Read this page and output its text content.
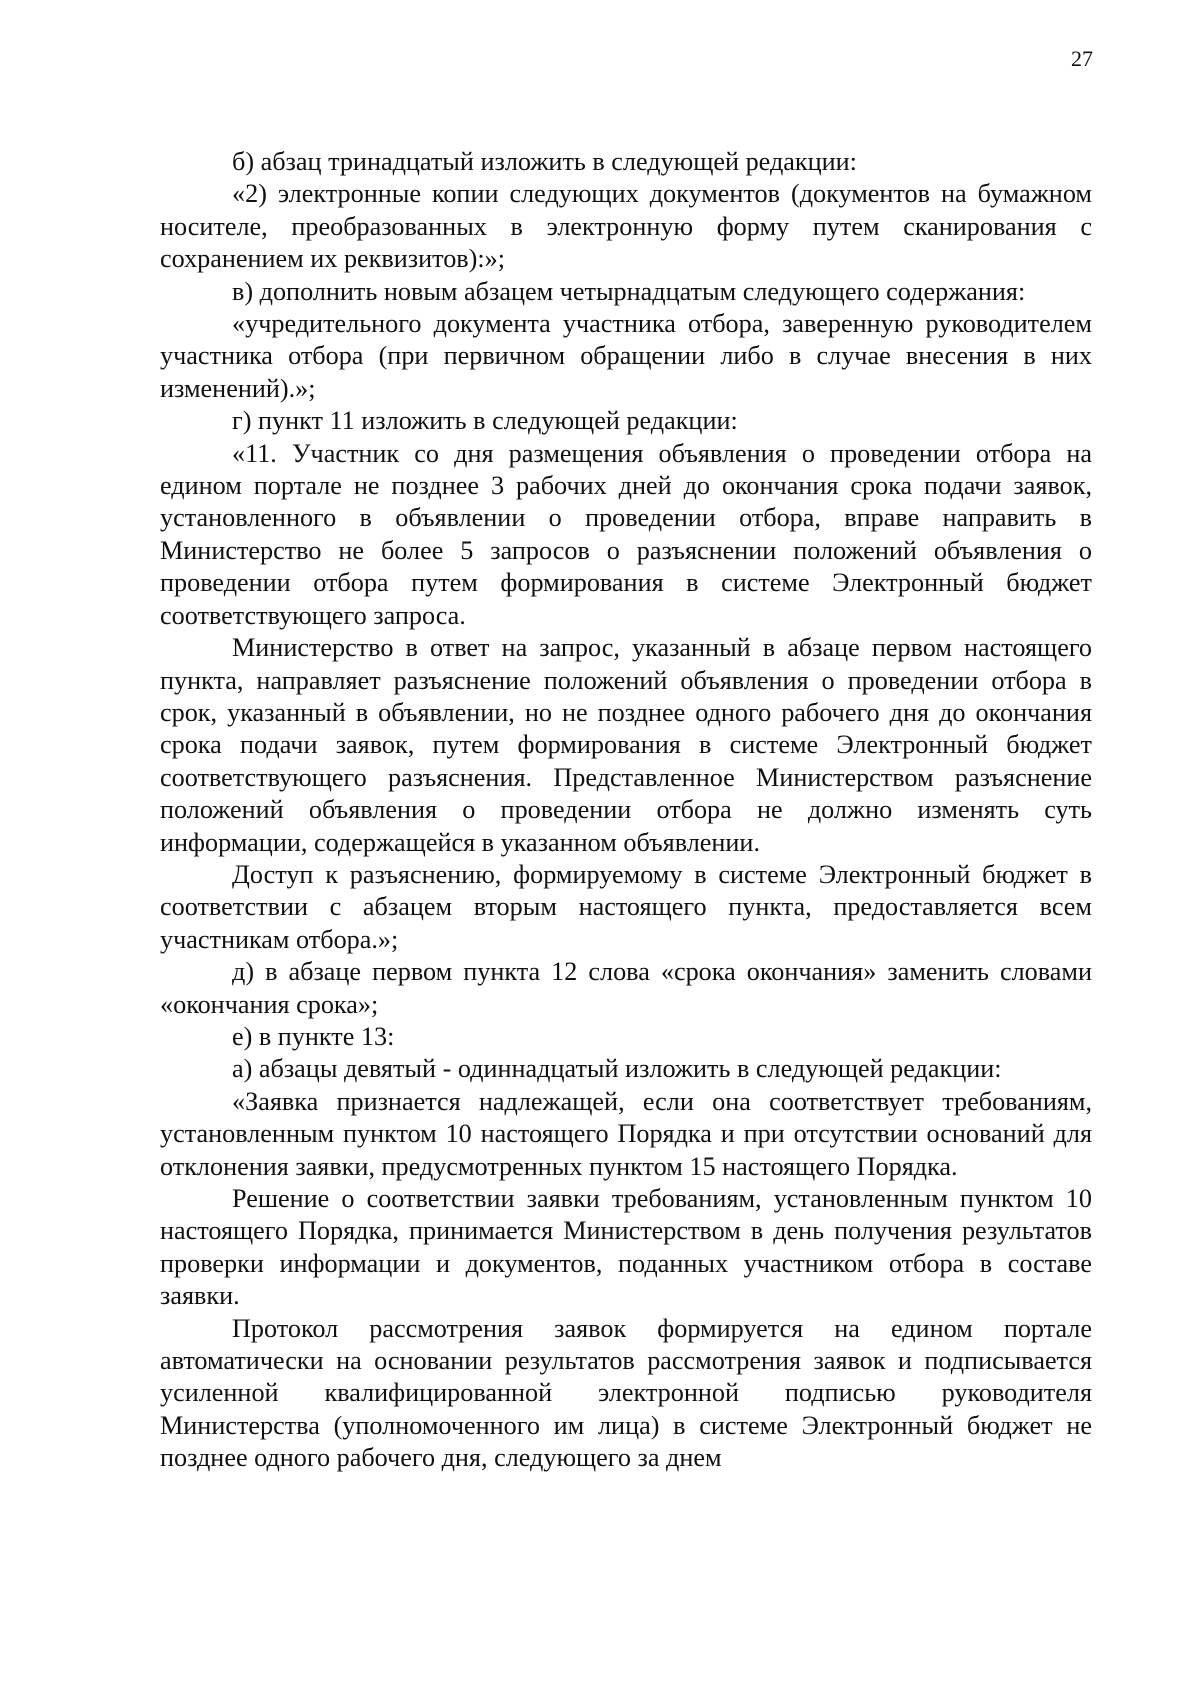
27

б) абзац тринадцатый изложить в следующей редакции:

«2) электронные копии следующих документов (документов на бумажном носителе, преобразованных в электронную форму путем сканирования с сохранением их реквизитов):»;

в) дополнить новым абзацем четырнадцатым следующего содержания:

«учредительного документа участника отбора, заверенную руководителем участника отбора (при первичном обращении либо в случае внесения в них изменений).»;

г) пункт 11 изложить в следующей редакции:

«11. Участник со дня размещения объявления о проведении отбора на едином портале не позднее 3 рабочих дней до окончания срока подачи заявок, установленного в объявлении о проведении отбора, вправе направить в Министерство не более 5 запросов о разъяснении положений объявления о проведении отбора путем формирования в системе Электронный бюджет соответствующего запроса.

Министерство в ответ на запрос, указанный в абзаце первом настоящего пункта, направляет разъяснение положений объявления о проведении отбора в срок, указанный в объявлении, но не позднее одного рабочего дня до окончания срока подачи заявок, путем формирования в системе Электронный бюджет соответствующего разъяснения. Представленное Министерством разъяснение положений объявления о проведении отбора не должно изменять суть информации, содержащейся в указанном объявлении.

Доступ к разъяснению, формируемому в системе Электронный бюджет в соответствии с абзацем вторым настоящего пункта, предоставляется всем участникам отбора.»;

д) в абзаце первом пункта 12 слова «срока окончания» заменить словами «окончания срока»;

е) в пункте 13:

а) абзацы девятый - одиннадцатый изложить в следующей редакции:

«Заявка признается надлежащей, если она соответствует требованиям, установленным пунктом 10 настоящего Порядка и при отсутствии оснований для отклонения заявки, предусмотренных пунктом 15 настоящего Порядка.

Решение о соответствии заявки требованиям, установленным пунктом 10 настоящего Порядка, принимается Министерством в день получения результатов проверки информации и документов, поданных участником отбора в составе заявки.

Протокол рассмотрения заявок формируется на едином портале автоматически на основании результатов рассмотрения заявок и подписывается усиленной квалифицированной электронной подписью руководителя Министерства (уполномоченного им лица) в системе Электронный бюджет не позднее одного рабочего дня, следующего за днем
